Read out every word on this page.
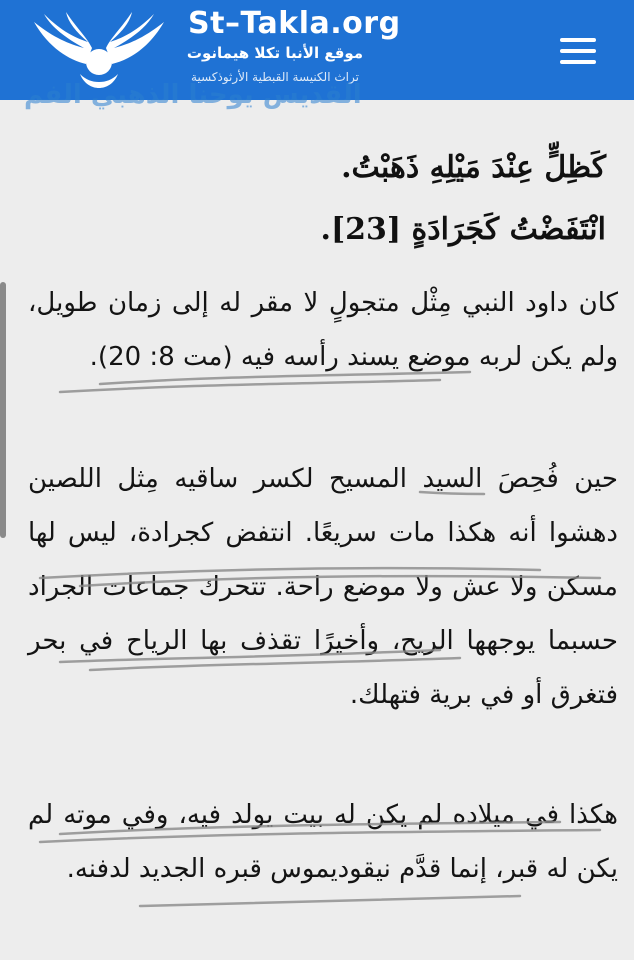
St–Takla.org
موقع الأنبا تكلا هيمانوت
تراث الكنيسة القبطية الأرثوذكسية
القديس يوحنا الذهبي الفم
كَظِلٍّ عِنْدَ مَيْلِهِ ذَهَبْتُ.
انْتَفَضْتُ كَجَرَادَةٍ [23].
كان داود النبي مِثْل متجولٍ لا مقر له إلى زمان طويل، ولم يكن لربه موضع يسند رأسه فيه (مت 8: 20).
حين فُحِصَ السيد المسيح لكسر ساقيه مِثل اللصين دهشوا أنه هكذا مات سريعًا. انتفض كجرادة، ليس لها مسكن ولا عش ولا موضع راحة. تتحرك جماعات الجراد حسبما يوجهها الريح، وأخيرًا تقذف بها الرياح في بحر فتغرق أو في برية فتهلك.
هكذا في ميلاده لم يكن له بيت يولد فيه، وفي موته لم يكن له قبر، إنما قدَّم نيقوديموس قبره الجديد لدفنه.
